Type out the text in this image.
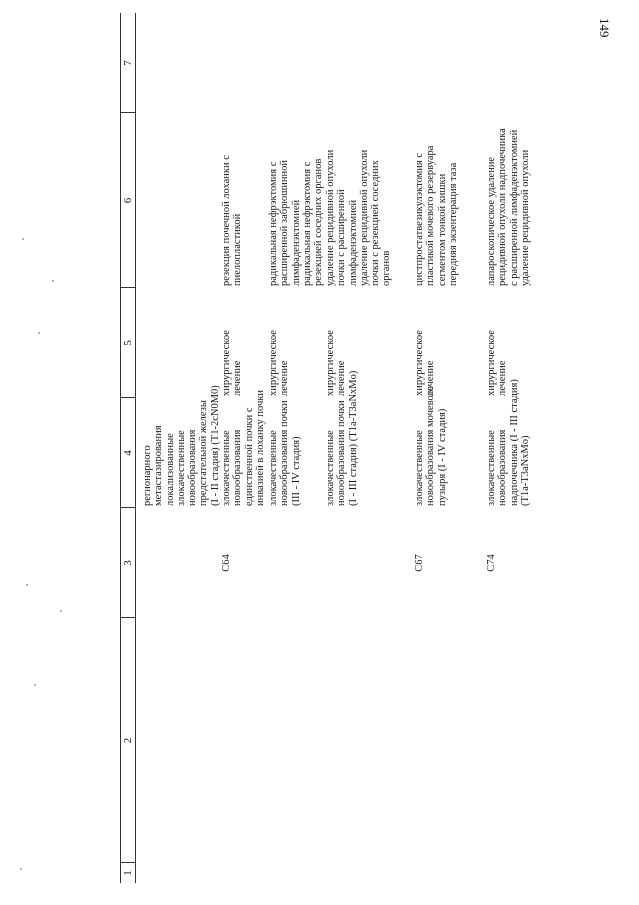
149
1
2
3
4
5
6
7
регионарного метастазирования локализованные злокачественные новообразования предстательной железы (I - II стадия) (T1-2cN0M0)
C64
злокачественные новообразования единственной почки с инвазией в лоханку почки
хирургическое лечение
резекция почечной лоханки с пиелопластикой
злокачественные новообразования почки (III - IV стадия)
хирургическое лечение
радикальная нефрэктомия с расширенной забрюшинной лимфаденэктомией радикальная нефрэктомия с резекцией соседних органов
злокачественные новообразования почки (I - III стадия) (T1a-T3aNxMo)
хирургическое лечение
удаление рецидивной опухоли почки с расширенной лимфаденэктомией удаление рецидивной опухоли почки с резекцией соседних органов
C67
злокачественные новообразования мочевого пузыря (I - IV стадия)
хирургическое лечение
цистпростатвезикулэктомия с пластикой мочевого резервуара сегментом тонкой кишки передняя экзентерация таза
C74
злокачественные новообразования надпочечника (I - III стадия) (T1a-T3aNxMo)
хирургическое лечение
лапароскопическое удаление рецидивной опухоли надпочечника с расширенной лимфаденэктомией удаление рецидивной опухоли
